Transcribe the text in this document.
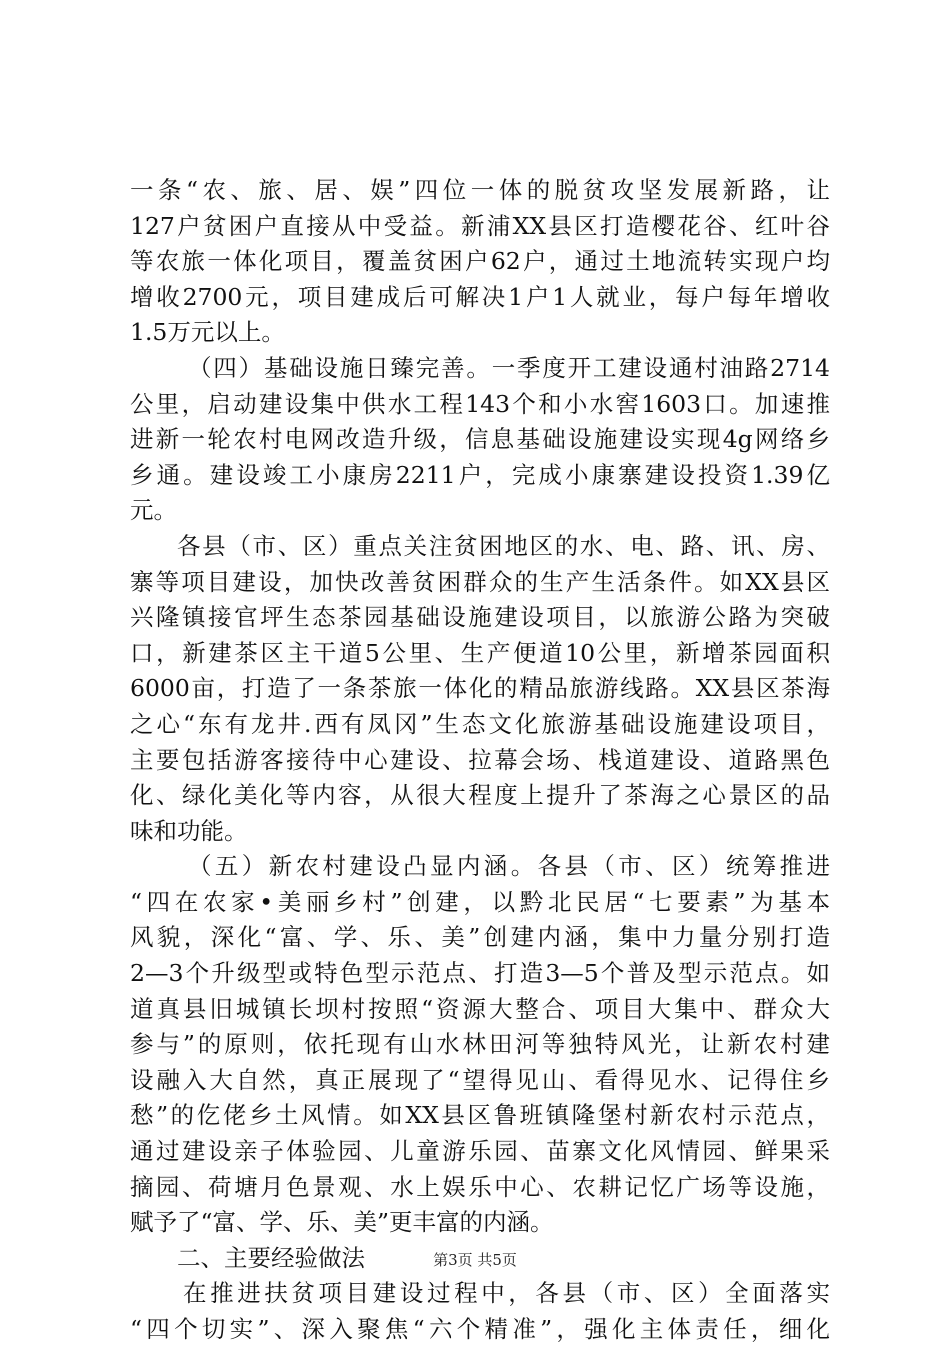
一条“农、旅、居、娱”四位一体的脱贫攻坚发展新路，让
127户贫困户直接从中受益。新浦XX县区打造樱花谷、红叶谷
等农旅一体化项目，覆盖贫困户62户，通过土地流转实现户均
增收2700元，项目建成后可解决1户1人就业，每户每年增收
1.5万元以上。
（四）基础设施日臻完善。一季度开工建设通村油路2714
公里，启动建设集中供水工程143个和小水窖1603口。加速推
进新一轮农村电网改造升级，信息基础设施建设实现4g网络乡
乡通。建设竣工小康房2211户，完成小康寨建设投资1.39亿
元。
各县（市、区）重点关注贫困地区的水、电、路、讯、房、
寨等项目建设，加快改善贫困群众的生产生活条件。如XX县区
兴隆镇接官坪生态茶园基础设施建设项目，以旅游公路为突破
口，新建茶区主干道5公里、生产便道10公里，新增茶园面积
6000亩，打造了一条茶旅一体化的精品旅游线路。XX县区茶海
之心“东有龙井.西有凤冈”生态文化旅游基础设施建设项目，
主要包括游客接待中心建设、拉幕会场、栈道建设、道路黑色
化、绿化美化等内容，从很大程度上提升了茶海之心景区的品
味和功能。
（五）新农村建设凸显内涵。各县（市、区）统筹推进
“四在农家•美丽乡村”创建，以黔北民居“七要素”为基本
风貌，深化“富、学、乐、美”创建内涵，集中力量分别打造
2—3个升级型或特色型示范点、打造3—5个普及型示范点。如
道真县旧城镇长坝村按照“资源大整合、项目大集中、群众大
参与”的原则，依托现有山水林田河等独特风光，让新农村建
设融入大自然，真正展现了“望得见山、看得见水、记得住乡
愁”的仡佬乡土风情。如XX县区鲁班镇隆堡村新农村示范点，
通过建设亲子体验园、儿童游乐园、苗寨文化风情园、鲜果采
摘园、荷塘月色景观、水上娱乐中心、农耕记忆广场等设施，
赋予了“富、学、乐、美”更丰富的内涵。
二、主要经验做法
在推进扶贫项目建设过程中，各县（市、区）全面落实
“四个切实”、深入聚焦“六个精准”，强化主体责任，细化
第3页 共5页
